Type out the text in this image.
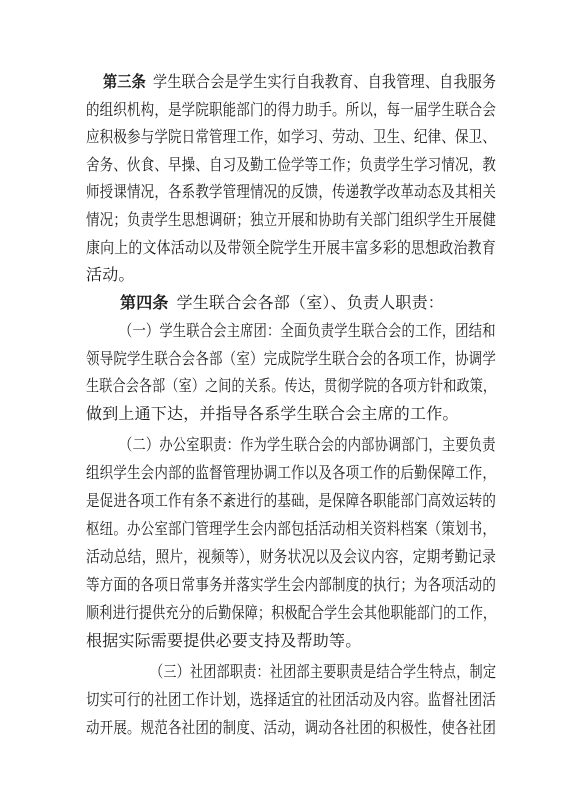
第三条 学生联合会是学生实行自我教育、自我管理、自我服务
的组织机构，是学院职能部门的得力助手。所以，每一届学生联合会
应积极参与学院日常管理工作，如学习、劳动、卫生、纪律、保卫、
舍务、伙食、早操、自习及勤工俭学等工作；负责学生学习情况，教
师授课情况，各系教学管理情况的反馈，传递教学改革动态及其相关
情况；负责学生思想调研；独立开展和协助有关部门组织学生开展健
康向上的文体活动以及带领全院学生开展丰富多彩的思想政治教育
活动。
第四条 学生联合会各部（室）、负责人职责：
（一）学生联合会主席团：全面负责学生联合会的工作，团结和
领导院学生联合会各部（室）完成院学生联合会的各项工作，协调学
生联合会各部（室）之间的关系。传达，贯彻学院的各项方针和政策，
做到上通下达，并指导各系学生联合会主席的工作。
（二）办公室职责：作为学生联合会的内部协调部门，主要负责
组织学生会内部的监督管理协调工作以及各项工作的后勤保障工作，
是促进各项工作有条不紊进行的基础，是保障各职能部门高效运转的
枢纽。办公室部门管理学生会内部包括活动相关资料档案（策划书，
活动总结，照片，视频等），财务状况以及会议内容，定期考勤记录
等方面的各项日常事务并落实学生会内部制度的执行；为各项活动的
顺利进行提供充分的后勤保障；积极配合学生会其他职能部门的工作，
根据实际需要提供必要支持及帮助等。
（三）社团部职责：社团部主要职责是结合学生特点，制定
切实可行的社团工作计划，选择适宜的社团活动及内容。监督社团活
动开展。规范各社团的制度、活动，调动各社团的积极性，使各社团
